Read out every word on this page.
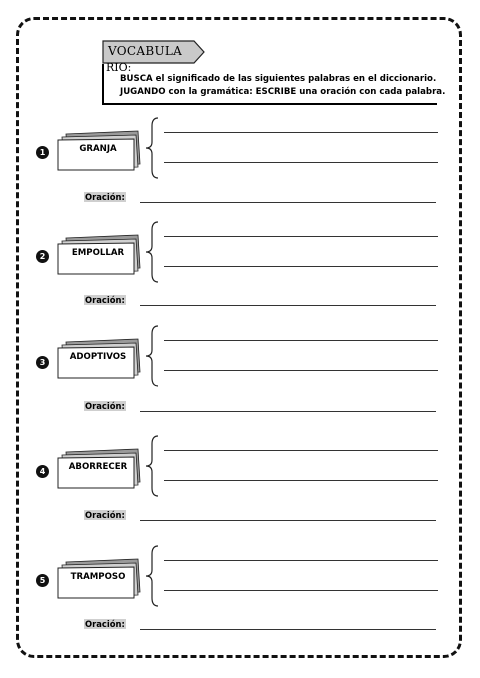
VOCABULA
RIO:
BUSCA el significado de las siguientes palabras en el diccionario.
JUGANDO con la gramática: ESCRIBE una oración con cada palabra.
1	GRANJA
Oración:
2	EMPOLLAR
Oración:
3
ADOPTIVOS
Oración:
4	ABORRECER
Oración:
5	TRAMPOSO
Oración:
